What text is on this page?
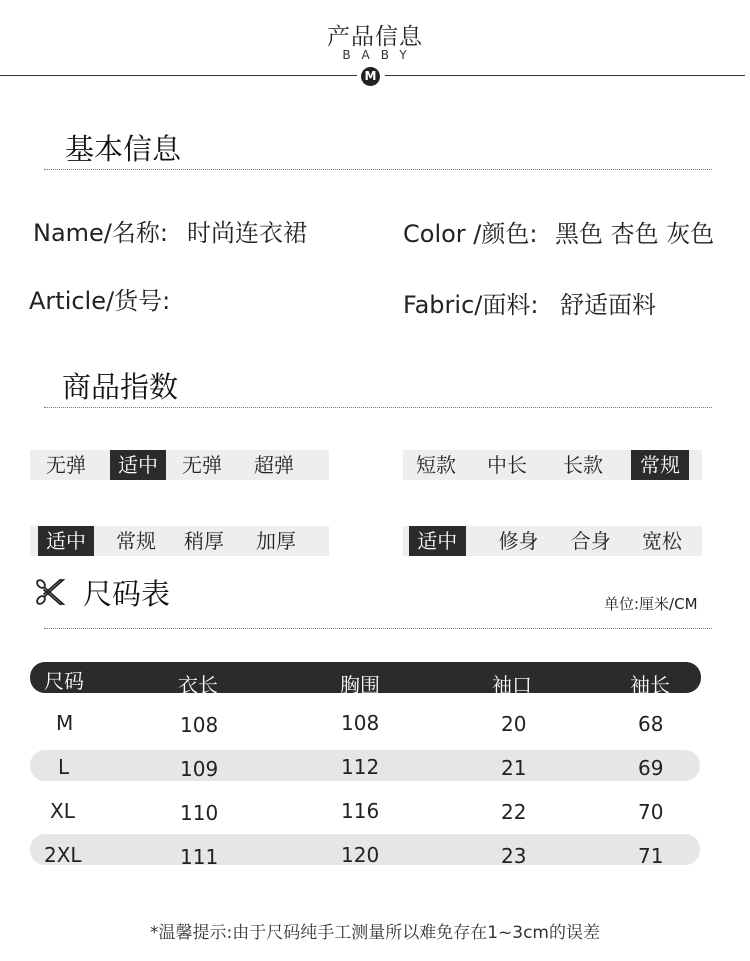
产品信息
BABY
M
基本信息
Name/名称: 时尚连衣裙	Color /颜色: 黑色 杏色 灰色
Article/货号:	Fabric/面料: 舒适面料
商品指数
无弹	适中	无弹	超弹	短款	中长	长款	常规
适中	常规	稍厚	加厚	适中	修身	合身	宽松
尺码表	单位:厘米/CM
尺码	衣长	胸围	袖口	袖长
M	108	108	20	68
L	109	112	21	69
XL	110	116	22	70
2XL	111	120	23	71
*温馨提示:由于尺码纯手工测量所以难免存在1~3cm的误差
